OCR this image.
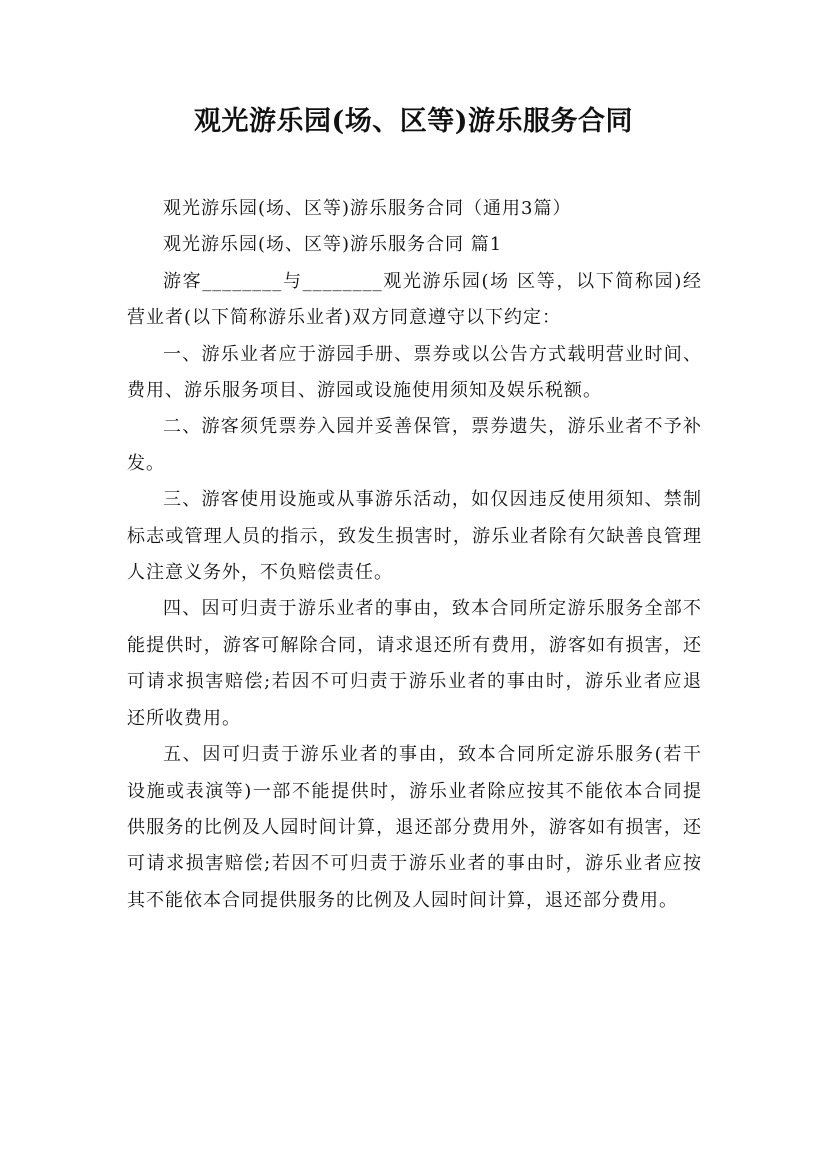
观光游乐园(场、区等)游乐服务合同

观光游乐园(场、区等)游乐服务合同（通用3篇）

观光游乐园(场、区等)游乐服务合同 篇1

游客________与________观光游乐园(场 区等，以下简称园)经营业者(以下简称游乐业者)双方同意遵守以下约定：

一、游乐业者应于游园手册、票券或以公告方式载明营业时间、费用、游乐服务项目、游园或设施使用须知及娱乐税额。

二、游客须凭票券入园并妥善保管，票券遗失，游乐业者不予补发。

三、游客使用设施或从事游乐活动，如仅因违反使用须知、禁制标志或管理人员的指示，致发生损害时，游乐业者除有欠缺善良管理人注意义务外，不负赔偿责任。

四、因可归责于游乐业者的事由，致本合同所定游乐服务全部不能提供时，游客可解除合同，请求退还所有费用，游客如有损害，还可请求损害赔偿;若因不可归责于游乐业者的事由时，游乐业者应退还所收费用。

五、因可归责于游乐业者的事由，致本合同所定游乐服务(若干设施或表演等)一部不能提供时，游乐业者除应按其不能依本合同提供服务的比例及人园时间计算，退还部分费用外，游客如有损害，还可请求损害赔偿;若因不可归责于游乐业者的事由时，游乐业者应按其不能依本合同提供服务的比例及人园时间计算，退还部分费用。
